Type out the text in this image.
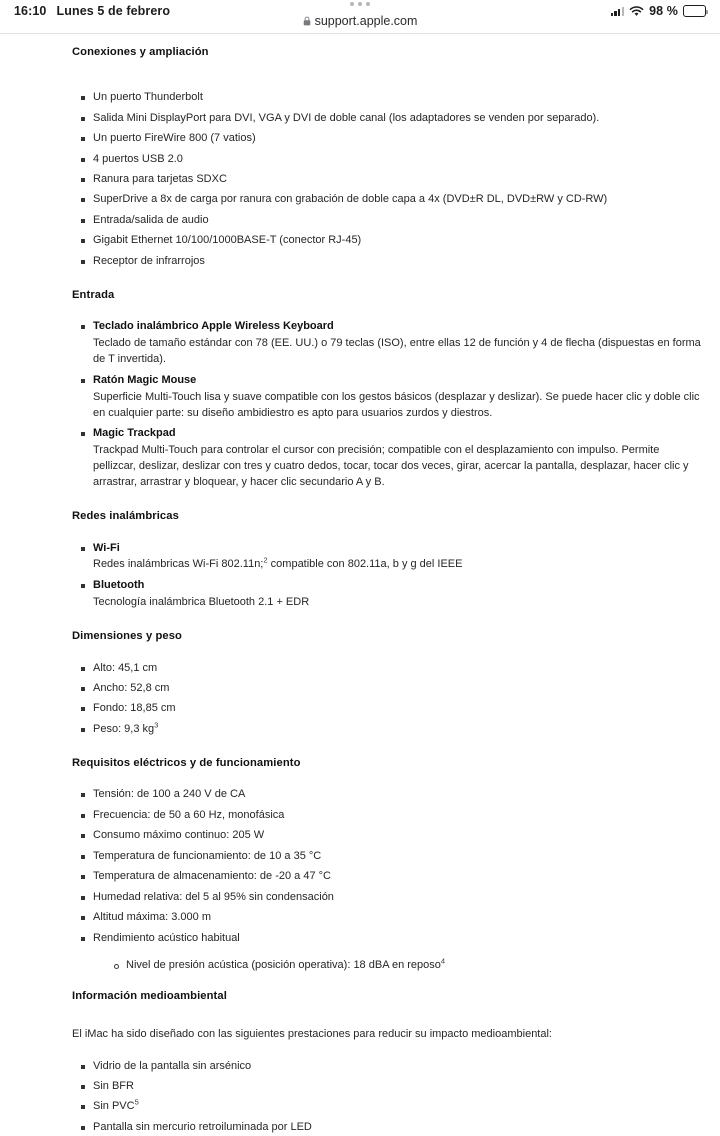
16:10 Lunes 5 de febrero	98 %
support.apple.com
Conexiones y ampliación
Un puerto Thunderbolt
Salida Mini DisplayPort para DVI, VGA y DVI de doble canal (los adaptadores se venden por separado).
Un puerto FireWire 800 (7 vatios)
4 puertos USB 2.0
Ranura para tarjetas SDXC
SuperDrive a 8x de carga por ranura con grabación de doble capa a 4x (DVD±R DL, DVD±RW y CD-RW)
Entrada/salida de audio
Gigabit Ethernet 10/100/1000BASE-T (conector RJ-45)
Receptor de infrarrojos
Entrada
Teclado inalámbrico Apple Wireless Keyboard
Teclado de tamaño estándar con 78 (EE. UU.) o 79 teclas (ISO), entre ellas 12 de función y 4 de flecha (dispuestas en forma de T invertida).
Ratón Magic Mouse
Superficie Multi-Touch lisa y suave compatible con los gestos básicos (desplazar y deslizar). Se puede hacer clic y doble clic en cualquier parte: su diseño ambidiestro es apto para usuarios zurdos y diestros.
Magic Trackpad
Trackpad Multi-Touch para controlar el cursor con precisión; compatible con el desplazamiento con impulso. Permite pellizcar, deslizar, deslizar con tres y cuatro dedos, tocar, tocar dos veces, girar, acercar la pantalla, desplazar, hacer clic y arrastrar, arrastrar y bloquear, y hacer clic secundario A y B.
Redes inalámbricas
Wi-Fi
Redes inalámbricas Wi-Fi 802.11n;$^2$ compatible con 802.11a, b y g del IEEE
Bluetooth
Tecnología inalámbrica Bluetooth 2.1 + EDR
Dimensiones y peso
Alto: 45,1 cm
Ancho: 52,8 cm
Fondo: 18,85 cm
Peso: 9,3 $kg^3$
Requisitos eléctricos y de funcionamiento
Tensión: de 100 a 240 V de CA
Frecuencia: de 50 a 60 Hz, monofásica
Consumo máximo continuo: 205 W
Temperatura de funcionamiento: de 10 a 35 °C
Temperatura de almacenamiento: de -20 a 47 °C
Humedad relativa: del 5 al 95% sin condensación
Altitud máxima: 3.000 m
Rendimiento acústico habitual
Nivel de presión acústica (posición operativa): 18 dBA en reposo$^4$
Información medioambiental

El iMac ha sido diseñado con las siguientes prestaciones para reducir su impacto medioambiental:

Vidrio de la pantalla sin arsénico
Sin BFR
Sin PVC$^5$
Pantalla sin mercurio retroiluminada por LED
